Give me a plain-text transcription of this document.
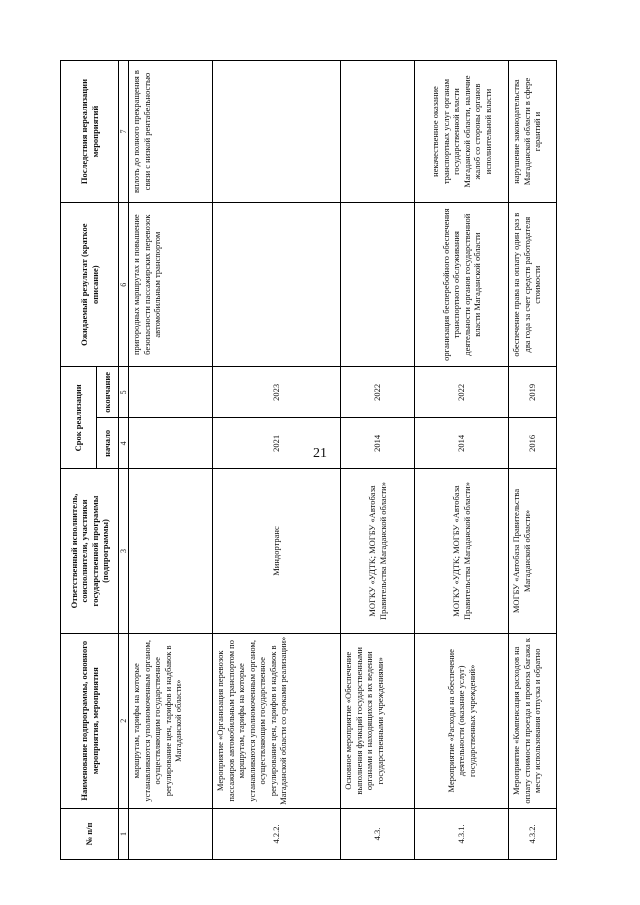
21
№ п/п	Наименование подпрограммы, основного мероприятия, мероприятия	Ответственный исполнитель, соисполнители, участники государственной программы (подпрограммы)	Срок реализации		Ожидаемый результат (краткое описание)	Последствия нереализации мероприятий
			начало	окончание		
1	2	3	4	5	6	7
	маршрутам, тарифы на которые устанавливаются уполномоченным органом, осуществляющим государственное регулирование цен, тарифов и надбавок в Магаданской области»				пригородных маршрутах и повышение безопасности пассажирских перевозок автомобильным транспортом	вплоть до полного прекращения в связи с низкой рентабельностью
4.2.2.	Мероприятие «Организация перевозок пассажиров автомобильным транспортом по маршрутам, тарифы на которые устанавливаются уполномоченным органом, осуществляющим государственное регулирование цен, тарифов и надбавок в Магаданской области со сроками реализации»	Миндортранс	2021	2023		
4.3.	Основное мероприятие «Обеспечение выполнения функций государственными органами и находящихся в их ведении государственными учреждениями»	МОГКУ «УДТК; МОГБУ «Автобаза Правительства Магаданской области»	2014	2022		
4.3.1.	Мероприятие «Расходы на обеспечение деятельности (оказание услуг) государственных учреждений»	МОГКУ «УДТК; МОГБУ «Автобаза Правительства Магаданской области»	2014	2022	организация бесперебойного обеспечения транспортного обслуживания деятельности органов государственной власти Магаданской области	некачественное оказание транспортных услуг органам государственной власти Магаданской области, наличие жалоб со стороны органов исполнительной власти
4.3.2.	Мероприятие «Компенсация расходов на оплату стоимости проезда и провоза багажа к месту использования отпуска и обратно	МОГБУ «Автобаза Правительства Магаданской области»	2016	2019	обеспечение права на оплату один раз в два года за счет средств работодателя стоимости	нарушение законодательства Магаданской области в сфере гарантий и
